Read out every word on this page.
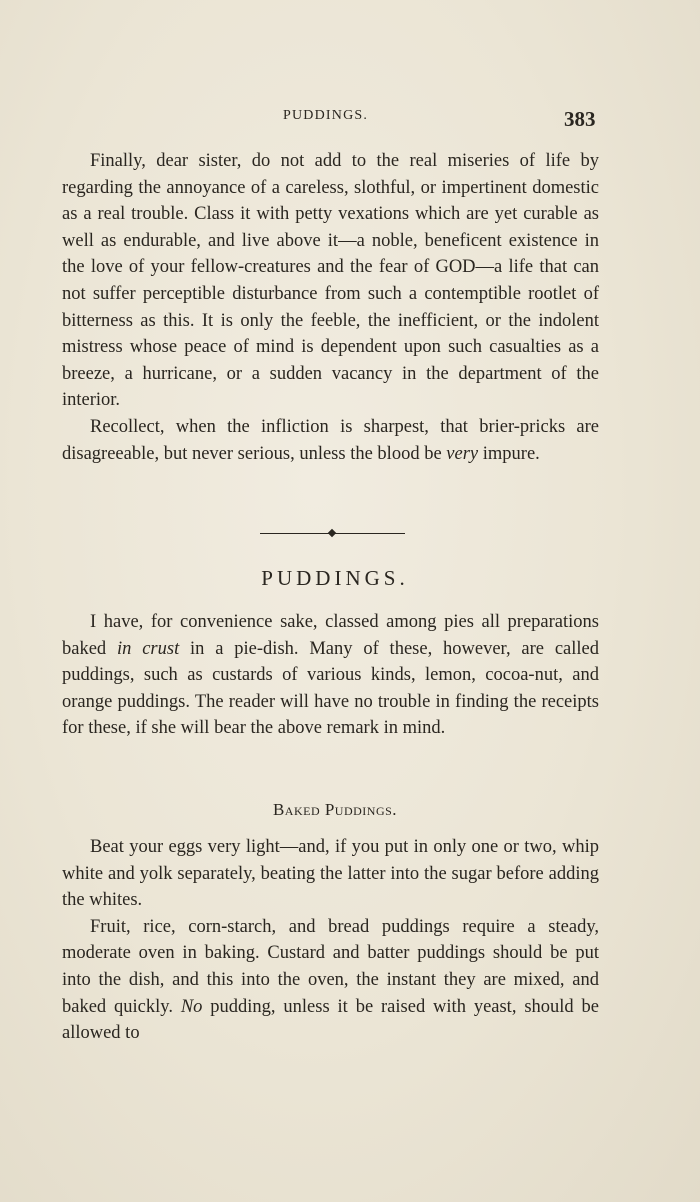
PUDDINGS.	383

Finally, dear sister, do not add to the real miseries of life by regarding the annoyance of a careless, slothful, or impertinent domestic as a real trouble. Class it with petty vexations which are yet curable as well as endurable, and live above it—a noble, beneficent existence in the love of your fellow-creatures and the fear of GOD—a life that can not suffer perceptible disturbance from such a contemptible rootlet of bitterness as this. It is only the feeble, the inefficient, or the indolent mistress whose peace of mind is dependent upon such casualties as a breeze, a hurricane, or a sudden vacancy in the department of the interior.

Recollect, when the infliction is sharpest, that brier-pricks are disagreeable, but never serious, unless the blood be very impure.

PUDDINGS.

I have, for convenience sake, classed among pies all preparations baked in crust in a pie-dish. Many of these, however, are called puddings, such as custards of various kinds, lemon, cocoa-nut, and orange puddings. The reader will have no trouble in finding the receipts for these, if she will bear the above remark in mind.

Baked Puddings.

Beat your eggs very light—and, if you put in only one or two, whip white and yolk separately, beating the latter into the sugar before adding the whites.

Fruit, rice, corn-starch, and bread puddings require a steady, moderate oven in baking. Custard and batter puddings should be put into the dish, and this into the oven, the instant they are mixed, and baked quickly. No pudding, unless it be raised with yeast, should be allowed to
